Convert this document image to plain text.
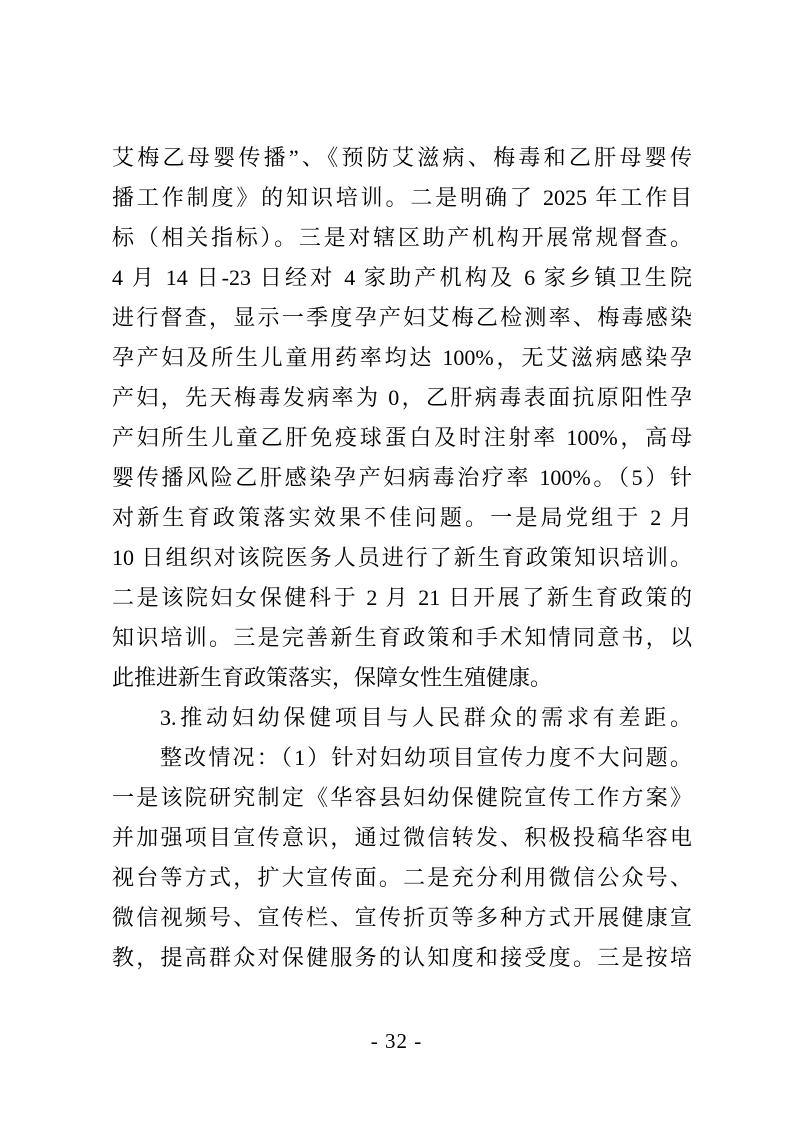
艾梅乙母婴传播”、《预防艾滋病、梅毒和乙肝母婴传
播工作制度》的知识培训。二是明确了 2025 年工作目
标（相关指标）。三是对辖区助产机构开展常规督查。
4 月 14 日-23 日经对 4 家助产机构及 6 家乡镇卫生院
进行督查，显示一季度孕产妇艾梅乙检测率、梅毒感染
孕产妇及所生儿童用药率均达 100%，无艾滋病感染孕
产妇，先天梅毒发病率为 0，乙肝病毒表面抗原阳性孕
产妇所生儿童乙肝免疫球蛋白及时注射率 100%，高母
婴传播风险乙肝感染孕产妇病毒治疗率 100%。（5）针
对新生育政策落实效果不佳问题。一是局党组于 2 月
10 日组织对该院医务人员进行了新生育政策知识培训。
二是该院妇女保健科于 2 月 21 日开展了新生育政策的
知识培训。三是完善新生育政策和手术知情同意书，以
此推进新生育政策落实，保障女性生殖健康。
3.推动妇幼保健项目与人民群众的需求有差距。
整改情况：（1）针对妇幼项目宣传力度不大问题。
一是该院研究制定《华容县妇幼保健院宣传工作方案》
并加强项目宣传意识，通过微信转发、积极投稿华容电
视台等方式，扩大宣传面。二是充分利用微信公众号、
微信视频号、宣传栏、宣传折页等多种方式开展健康宣
教，提高群众对保健服务的认知度和接受度。三是按培
- 32 -
